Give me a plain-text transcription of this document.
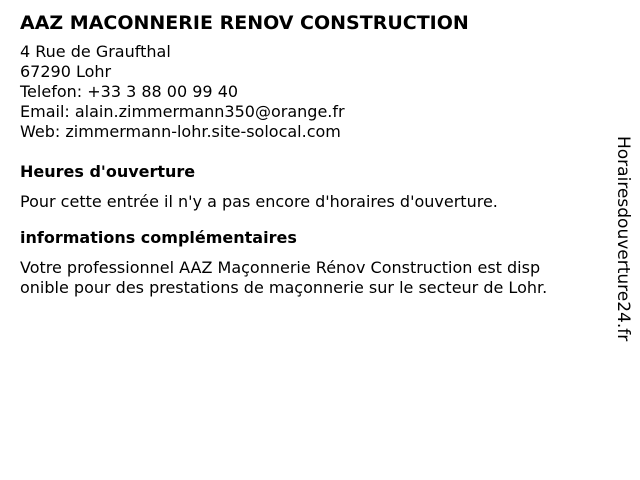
AAZ MACONNERIE RENOV CONSTRUCTION
4 Rue de Graufthal
67290 Lohr
Telefon: +33 3 88 00 99 40
Email: alain.zimmermann350@orange.fr
Web: zimmermann-lohr.site-solocal.com
Heures d'ouverture
Pour cette entrée il n'y a pas encore d'horaires d'ouverture.
informations complémentaires
Votre professionnel AAZ Maçonnerie Rénov Construction est disp
onible pour des prestations de maçonnerie sur le secteur de Lohr.	Horairesdouverture24.fr
